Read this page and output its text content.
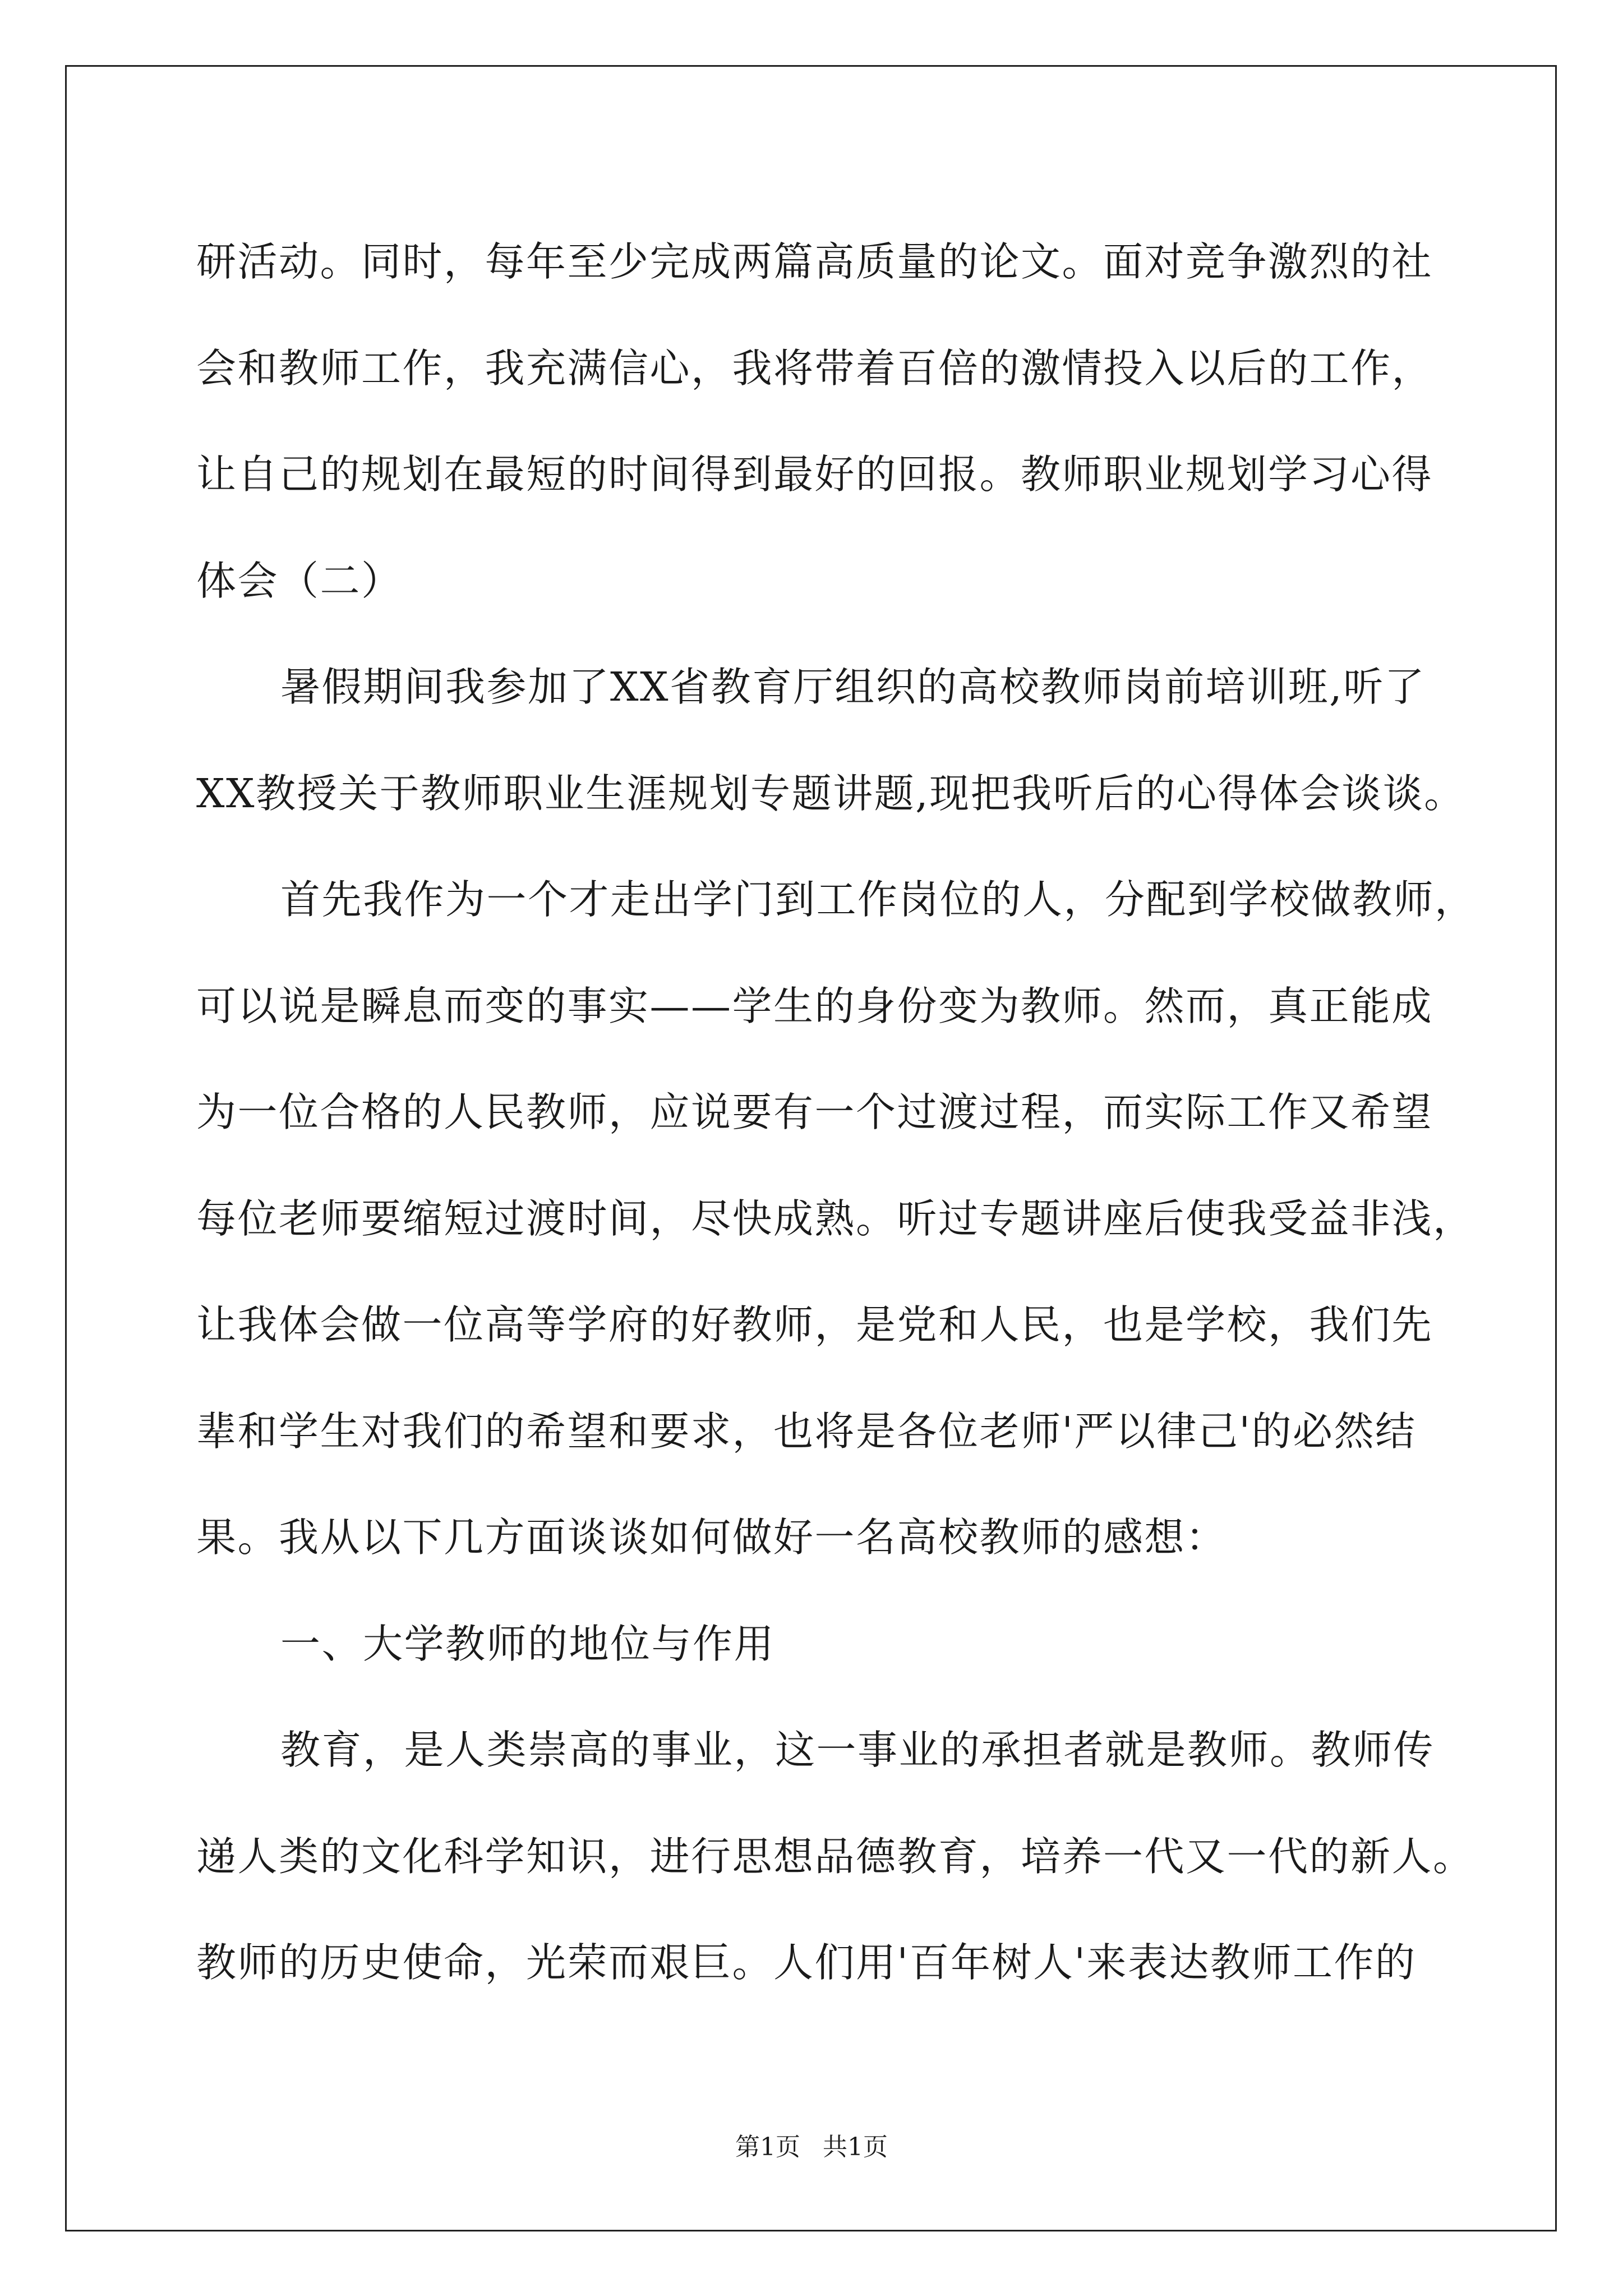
研活动。同时，每年至少完成两篇高质量的论文。面对竞争激烈的社
会和教师工作，我充满信心，我将带着百倍的激情投入以后的工作，
让自己的规划在最短的时间得到最好的回报。教师职业规划学习心得
体会（二）
暑假期间我参加了XX省教育厅组织的高校教师岗前培训班,听了
XX教授关于教师职业生涯规划专题讲题,现把我听后的心得体会谈谈。
首先我作为一个才走出学门到工作岗位的人，分配到学校做教师，
可以说是瞬息而变的事实——学生的身份变为教师。然而，真正能成
为一位合格的人民教师，应说要有一个过渡过程，而实际工作又希望
每位老师要缩短过渡时间，尽快成熟。听过专题讲座后使我受益非浅，
让我体会做一位高等学府的好教师，是党和人民，也是学校，我们先
辈和学生对我们的希望和要求，也将是各位老师'严以律己'的必然结
果。我从以下几方面谈谈如何做好一名高校教师的感想：
一、大学教师的地位与作用
教育，是人类崇高的事业，这一事业的承担者就是教师。教师传
递人类的文化科学知识，进行思想品德教育，培养一代又一代的新人。
教师的历史使命，光荣而艰巨。人们用'百年树人'来表达教师工作的
第1页 共1页
